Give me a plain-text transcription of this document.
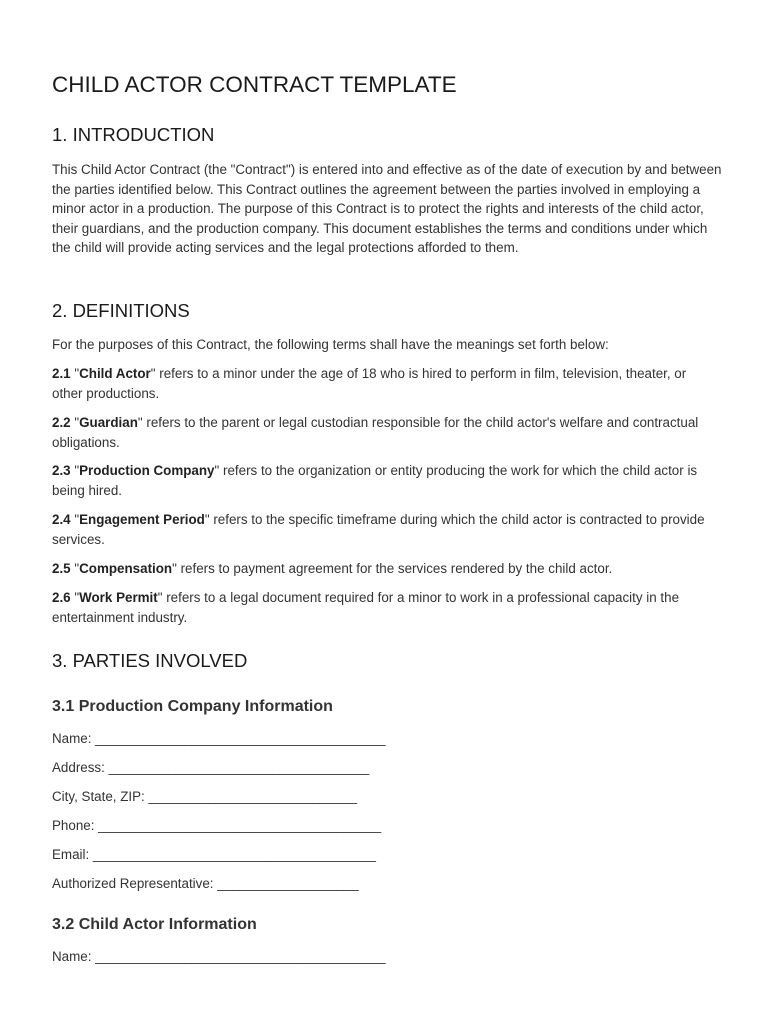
CHILD ACTOR CONTRACT TEMPLATE
1. INTRODUCTION

This Child Actor Contract (the "Contract") is entered into and effective as of the date of execution by and between the parties identified below. This Contract outlines the agreement between the parties involved in employing a minor actor in a production. The purpose of this Contract is to protect the rights and interests of the child actor, their guardians, and the production company. This document establishes the terms and conditions under which the child will provide acting services and the legal protections afforded to them.

2. DEFINITIONS

For the purposes of this Contract, the following terms shall have the meanings set forth below:

2.1 "Child Actor" refers to a minor under the age of 18 who is hired to perform in film, television, theater, or other productions.

2.2 "Guardian" refers to the parent or legal custodian responsible for the child actor's welfare and contractual obligations.

2.3 "Production Company" refers to the organization or entity producing the work for which the child actor is being hired.

2.4 "Engagement Period" refers to the specific timeframe during which the child actor is contracted to provide services.

2.5 "Compensation" refers to payment agreement for the services rendered by the child actor.

2.6 "Work Permit" refers to a legal document required for a minor to work in a professional capacity in the entertainment industry.

3. PARTIES INVOLVED
3.1 Production Company Information

Name: _______________________________________

Address: ___________________________________

City, State, ZIP: ____________________________

Phone: ______________________________________

Email: ______________________________________

Authorized Representative: ___________________

3.2 Child Actor Information

Name: _______________________________________
